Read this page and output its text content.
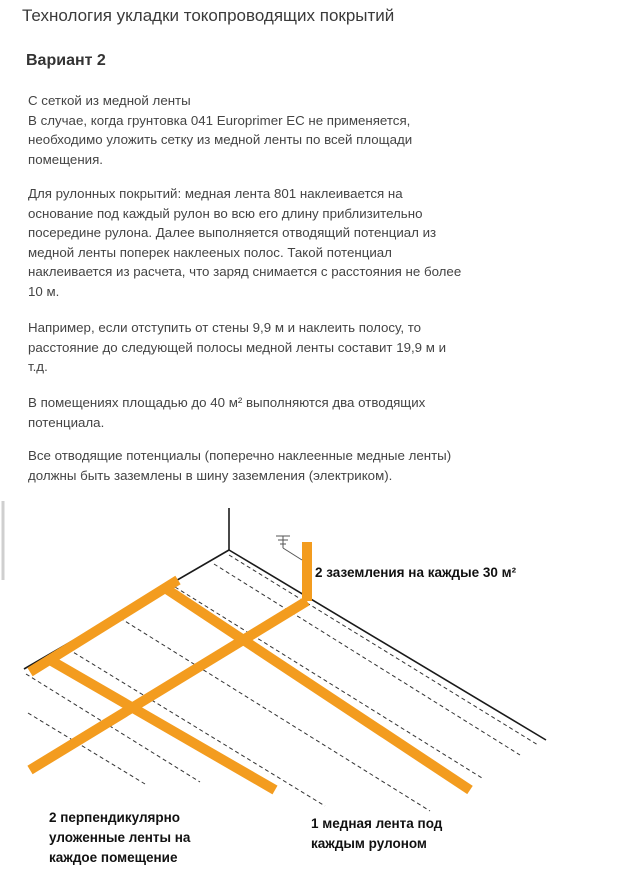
Технология укладки токопроводящих покрытий
Вариант 2

С сеткой из медной ленты
В случае, когда грунтовка 041 Europrimer EC не применяется,
необходимо уложить сетку из медной ленты по всей площади
помещения.

Для рулонных покрытий: медная лента 801 наклеивается на
основание под каждый рулон во всю его длину приблизительно
посередине рулона. Далее выполняется отводящий потенциал из
медной ленты поперек наклееных полос. Такой потенциал
наклеивается из расчета, что заряд снимается с расстояния не более
10 м.

Например, если отступить от стены 9,9 м и наклеить полосу, то
расстояние до следующей полосы медной ленты составит 19,9 м и
т.д.

В помещениях площадью до 40 м² выполняются два отводящих
потенциала.

Все отводящие потенциалы (поперечно наклеенные медные ленты)
должны быть заземлены в шину заземления (электриком).

2 заземления на каждые 30 м²
2 перпендикулярно
уложенные ленты на
каждое помещение
1 медная лента под
каждым рулоном
